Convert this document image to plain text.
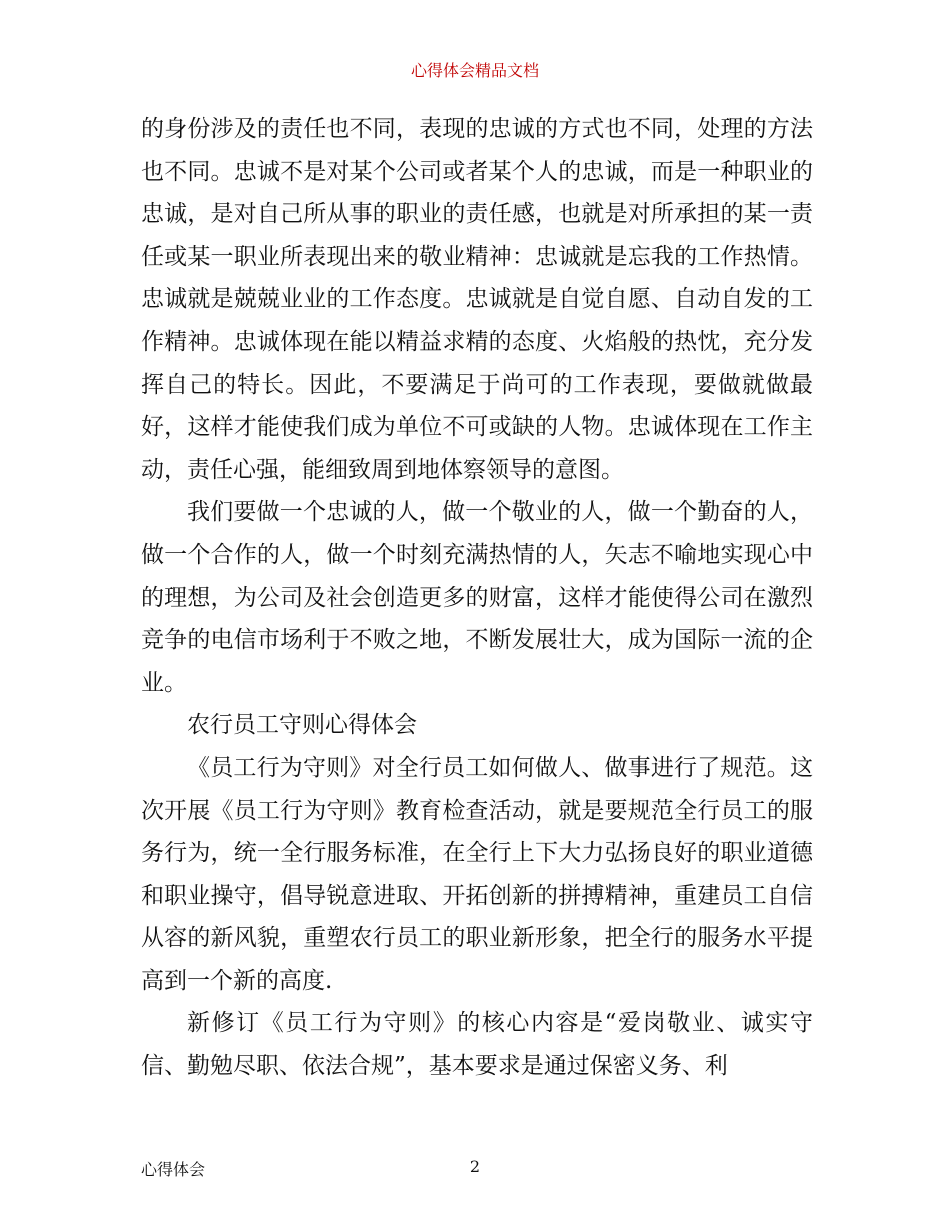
心得体会精品文档

的身份涉及的责任也不同，表现的忠诚的方式也不同，处理的方法也不同。忠诚不是对某个公司或者某个人的忠诚，而是一种职业的忠诚，是对自己所从事的职业的责任感，也就是对所承担的某一责任或某一职业所表现出来的敬业精神：忠诚就是忘我的工作热情。忠诚就是兢兢业业的工作态度。忠诚就是自觉自愿、自动自发的工作精神。忠诚体现在能以精益求精的态度、火焰般的热忱，充分发挥自己的特长。因此，不要满足于尚可的工作表现，要做就做最好，这样才能使我们成为单位不可或缺的人物。忠诚体现在工作主动，责任心强，能细致周到地体察领导的意图。

我们要做一个忠诚的人，做一个敬业的人，做一个勤奋的人，做一个合作的人，做一个时刻充满热情的人，矢志不喻地实现心中的理想，为公司及社会创造更多的财富，这样才能使得公司在激烈竞争的电信市场利于不败之地，不断发展壮大，成为国际一流的企业。

农行员工守则心得体会

《员工行为守则》对全行员工如何做人、做事进行了规范。这次开展《员工行为守则》教育检查活动，就是要规范全行员工的服务行为，统一全行服务标准，在全行上下大力弘扬良好的职业道德和职业操守，倡导锐意进取、开拓创新的拼搏精神，重建员工自信从容的新风貌，重塑农行员工的职业新形象，把全行的服务水平提高到一个新的高度.

新修订《员工行为守则》的核心内容是“爱岗敬业、诚实守信、勤勉尽职、依法合规”，基本要求是通过保密义务、利

心得体会	2
